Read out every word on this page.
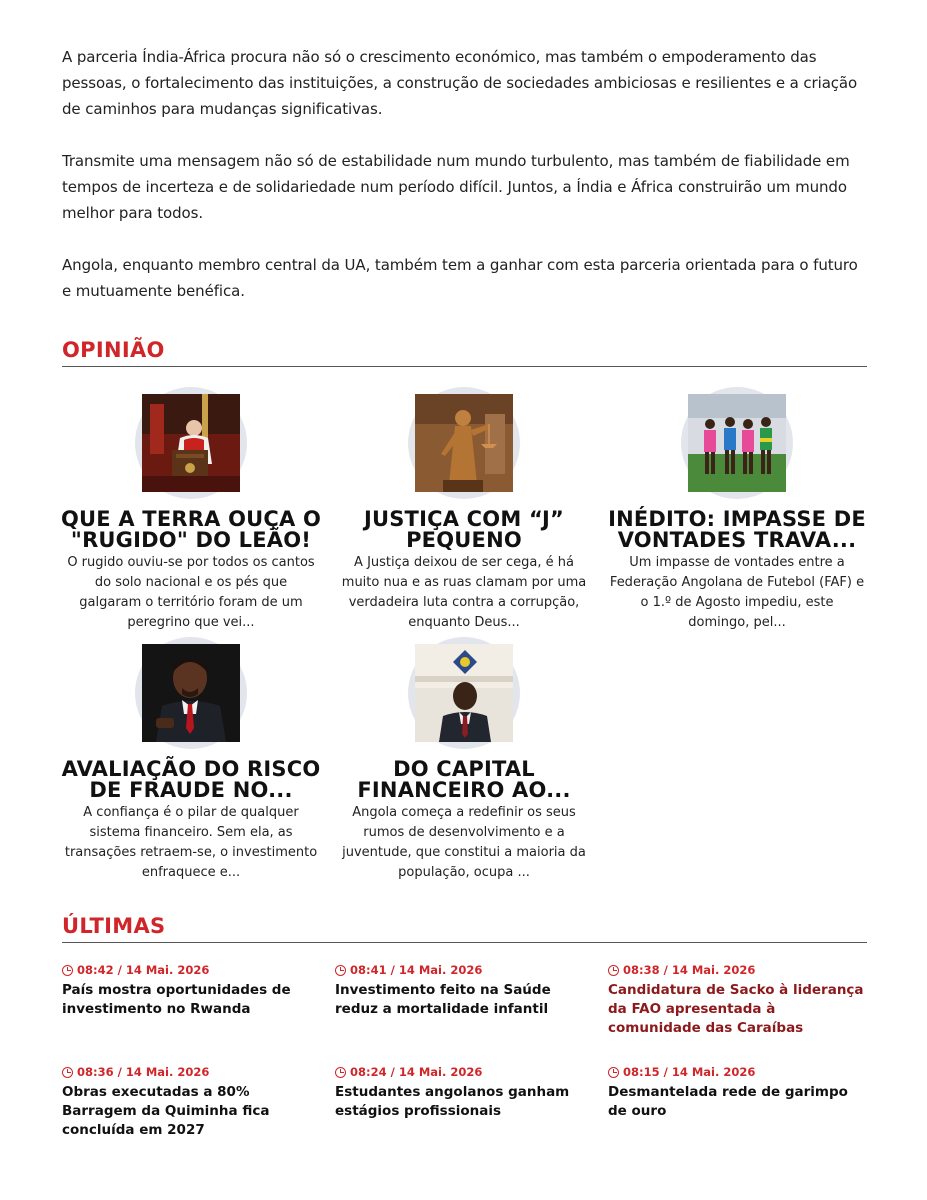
A parceria Índia-África procura não só o crescimento económico, mas também o empoderamento das pessoas, o fortalecimento das instituições, a construção de sociedades ambiciosas e resilientes e a criação de caminhos para mudanças significativas.

Transmite uma mensagem não só de estabilidade num mundo turbulento, mas também de fiabilidade em tempos de incerteza e de solidariedade num período difícil. Juntos, a Índia e África construirão um mundo melhor para todos.

Angola, enquanto membro central da UA, também tem a ganhar com esta parceria orientada para o futuro e mutuamente benéfica.

OPINIÃO
QUE A TERRA OUÇA O "RUGIDO" DO LEÃO!
O rugido ouviu-se por todos os cantos do solo nacional e os pés que galgaram o território foram de um peregrino que vei...
JUSTIÇA COM “J” PEQUENO
A Justiça deixou de ser cega, é há muito nua e as ruas clamam por uma verdadeira luta contra a corrupção, enquanto Deus...
INÉDITO: IMPASSE DE VONTADES TRAVA...
Um impasse de vontades entre a Federação Angolana de Futebol (FAF) e o 1.º de Agosto impediu, este domingo, pel...
AVALIAÇÃO DO RISCO DE FRAUDE NO...
A confiança é o pilar de qualquer sistema financeiro. Sem ela, as transações retraem-se, o investimento enfraquece e...
DO CAPITAL FINANCEIRO AO...
Angola começa a redefinir os seus rumos de desenvolvimento e a juventude, que constitui a maioria da população, ocupa ...
ÚLTIMAS
08:42 / 14 Mai. 2026
País mostra oportunidades de investimento no Rwanda
08:41 / 14 Mai. 2026
Investimento feito na Saúde reduz a mortalidade infantil
08:38 / 14 Mai. 2026
Candidatura de Sacko à liderança da FAO apresentada à comunidade das Caraíbas
08:36 / 14 Mai. 2026
Obras executadas a 80% Barragem da Quiminha fica concluída em 2027
08:24 / 14 Mai. 2026
Estudantes angolanos ganham estágios profissionais
08:15 / 14 Mai. 2026
Desmantelada rede de garimpo de ouro
